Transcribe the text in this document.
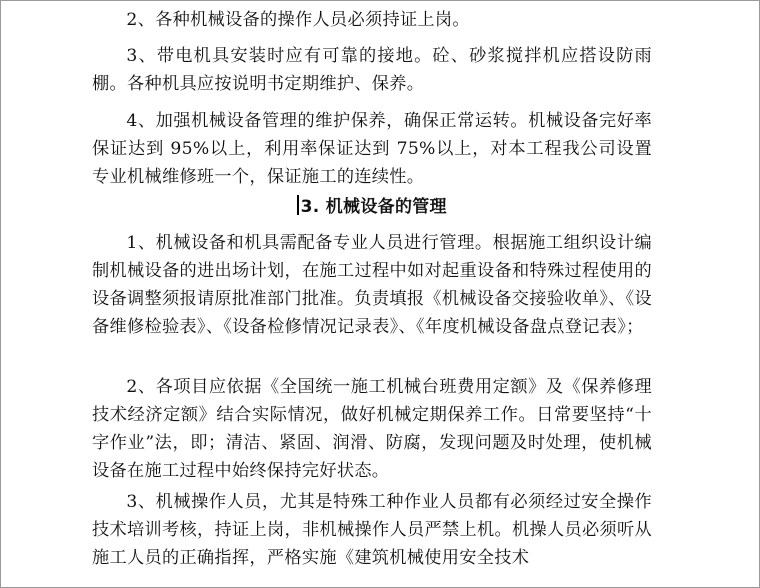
2、各种机械设备的操作人员必须持证上岗。

3、带电机具安装时应有可靠的接地。砼、砂浆搅拌机应搭设防雨棚。各种机具应按说明书定期维护、保养。

4、加强机械设备管理的维护保养，确保正常运转。机械设备完好率保证达到 95%以上，利用率保证达到 75%以上，对本工程我公司设置专业机械维修班一个，保证施工的连续性。

3. 机械设备的管理

1、机械设备和机具需配备专业人员进行管理。根据施工组织设计编制机械设备的进出场计划，在施工过程中如对起重设备和特殊过程使用的设备调整须报请原批准部门批准。负责填报《机械设备交接验收单》、《设备维修检验表》、《设备检修情况记录表》、《年度机械设备盘点登记表》；

2、各项目应依据《全国统一施工机械台班费用定额》及《保养修理技术经济定额》结合实际情况，做好机械定期保养工作。日常要坚持“十字作业”法，即；清洁、紧固、润滑、防腐，发现问题及时处理，使机械设备在施工过程中始终保持完好状态。

3、机械操作人员，尤其是特殊工种作业人员都有必须经过安全操作技术培训考核，持证上岗，非机械操作人员严禁上机。机操人员必须听从施工人员的正确指挥，严格实施《建筑机械使用安全技术
